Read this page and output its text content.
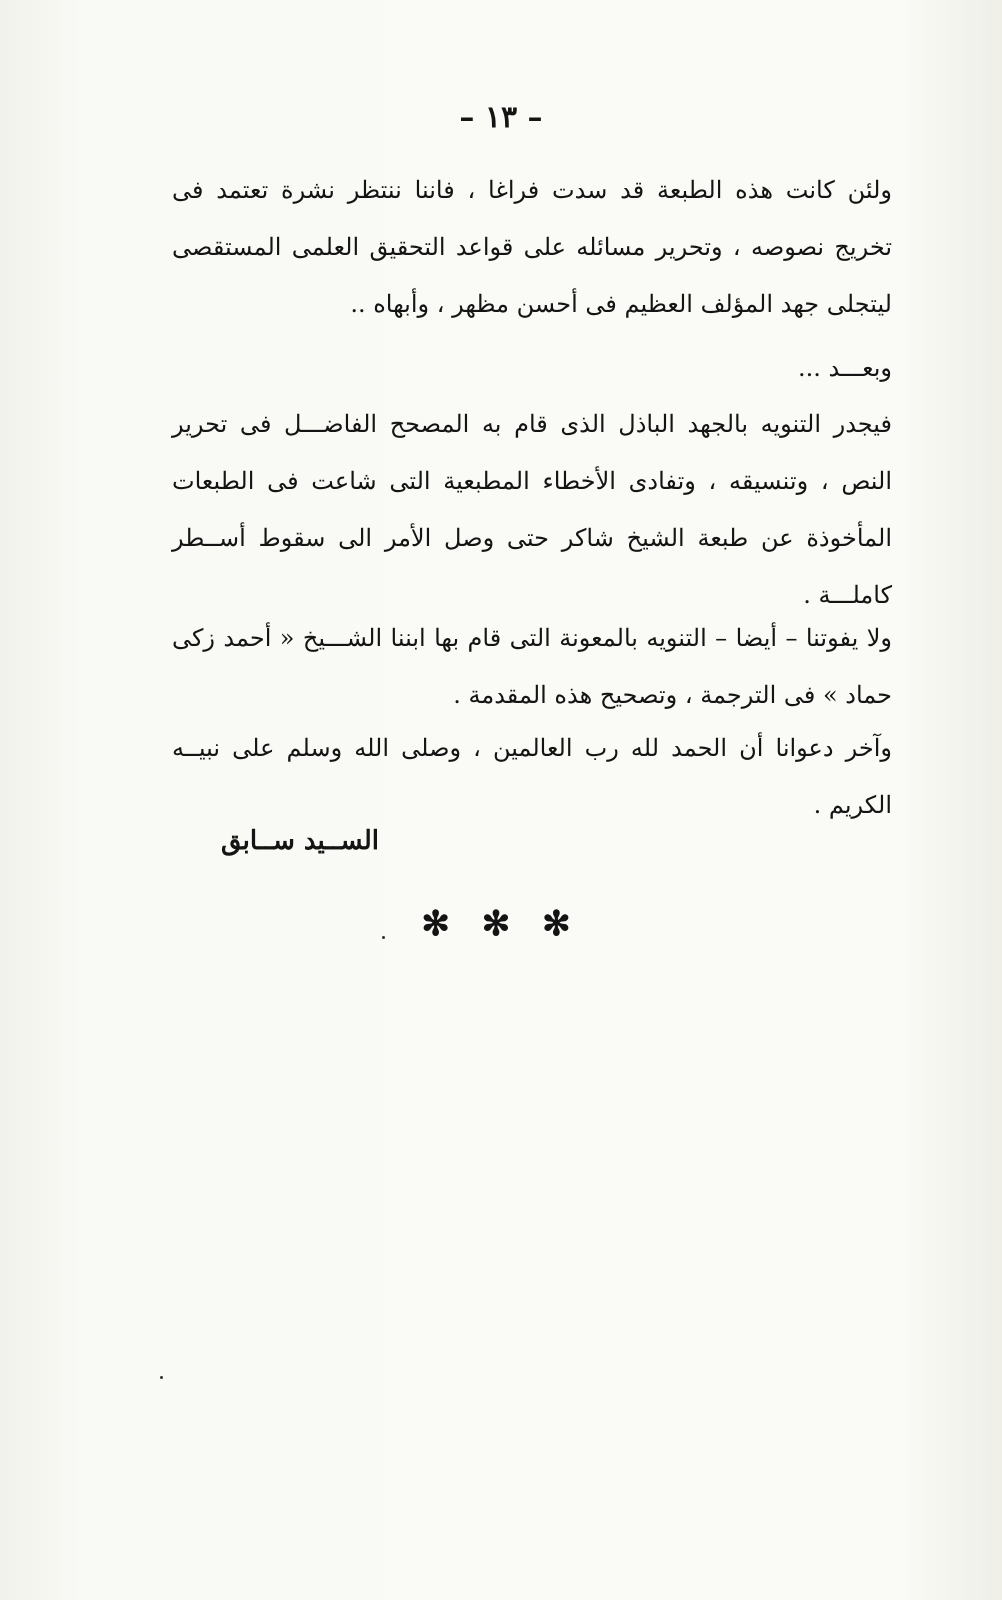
– ١٣ –

ولئن كانت هذه الطبعة قد سدت فراغا ، فاننا ننتظر نشرة تعتمد فى تخريج نصوصه ، وتحرير مسائله على قواعد التحقيق العلمى المستقصى ليتجلى جهد المؤلف العظيم فى أحسن مظهر ، وأبهاه ..

وبعـــد ...

فيجدر التنويه بالجهد الباذل الذى قام به المصحح الفاضـــل فى تحرير النص ، وتنسيقه ، وتفادى الأخطاء المطبعية التى شاعت فى الطبعات المأخوذة عن طبعة الشيخ شاكر حتى وصل الأمر الى سقوط أســطر كاملـــة .

ولا يفوتنا – أيضا – التنويه بالمعونة التى قام بها ابننا الشـــيخ « أحمد زكى حماد » فى الترجمة ، وتصحيح هذه المقدمة .

وآخر دعوانا أن الحمد لله رب العالمين ، وصلى الله وسلم على نبيــه الكريم .

الســيد ســابق
✻ ✻ ✻
